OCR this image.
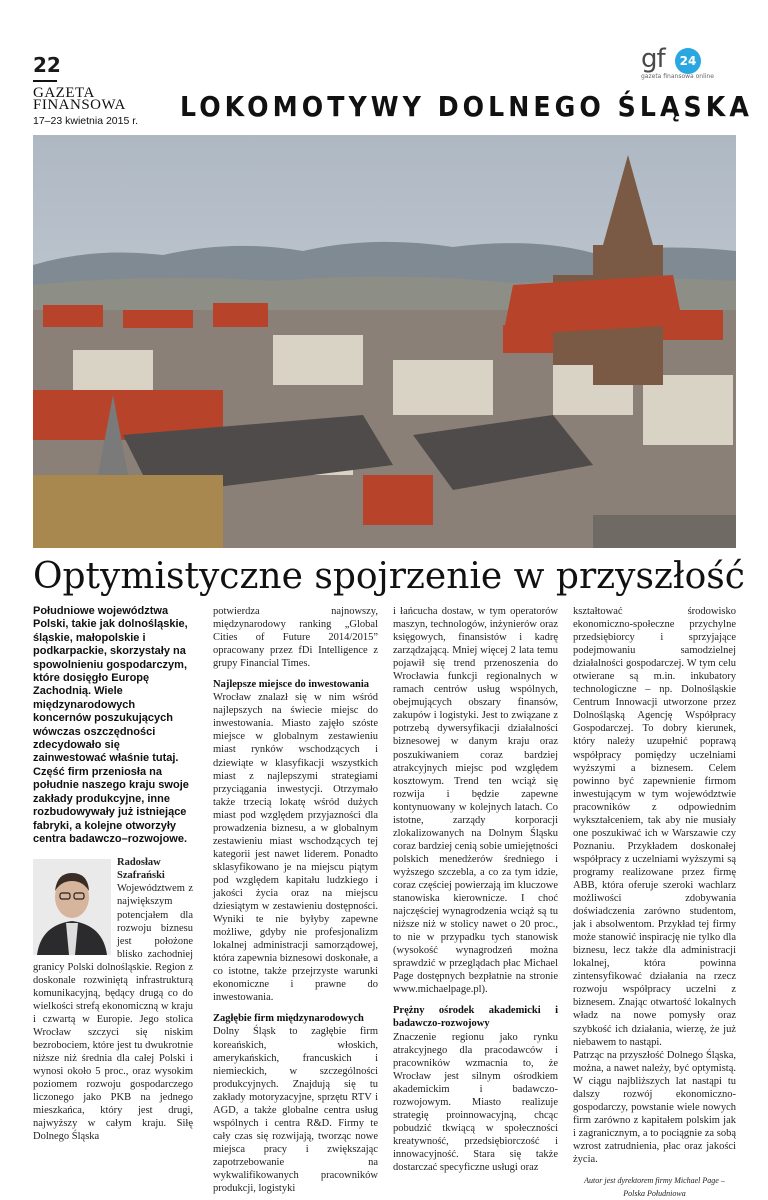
22
GAZETA
FINANSOWA
17–23 kwietnia 2015 r.	LOKOMOTYWY DOLNEGO ŚLĄSKA
gf	24
gazeta finansowa online
Optymistyczne spojrzenie w przyszłość

Południowe województwa Polski, takie jak dolnośląskie, śląskie, małopolskie i podkarpackie, skorzystały na spowolnieniu gospodarczym, które dosięgło Europę Zachodnią. Wiele międzynarodowych koncernów poszukujących wówczas oszczędności zdecydowało się zainwestować właśnie tutaj. Część firm przeniosła na południe naszego kraju swoje zakłady produkcyjne, inne rozbudowywały już istniejące fabryki, a kolejne otworzyły centra badawczo–rozwojowe.

Radosław Szafrański

Województwem z największym potencjałem dla rozwoju biznesu jest położone blisko zachodniej granicy Polski dolnośląskie. Region z doskonale rozwiniętą infrastrukturą komunikacyjną, będący drugą co do wielkości strefą ekonomiczną w kraju i czwartą w Europie. Jego stolica Wrocław szczyci się niskim bezrobociem, które jest tu dwukrotnie niższe niż średnia dla całej Polski i wynosi około 5 proc., oraz wysokim poziomem rozwoju gospodarczego liczonego jako PKB na jednego mieszkańca, który jest drugi, najwyższy w całym kraju. Siłę Dolnego Śląska

potwierdza najnowszy, międzynarodowy ranking „Global Cities of Future 2014/2015” opracowany przez fDi Intelligence z grupy Financial Times.

Najlepsze miejsce do inwestowania

Wrocław znalazł się w nim wśród najlepszych na świecie miejsc do inwestowania. Miasto zajęło szóste miejsce w globalnym zestawieniu miast rynków wschodzących i dziewiąte w klasyfikacji wszystkich miast z najlepszymi strategiami przyciągania inwestycji. Otrzymało także trzecią lokatę wśród dużych miast pod względem przyjazności dla prowadzenia biznesu, a w globalnym zestawieniu miast wschodzących tej kategorii jest nawet liderem. Ponadto sklasyfikowano je na miejscu piątym pod względem kapitału ludzkiego i jakości życia oraz na miejscu dziesiątym w zestawieniu dostępności. Wyniki te nie byłyby zapewne możliwe, gdyby nie profesjonalizm lokalnej administracji samorządowej, która zapewnia biznesowi doskonałe, a co istotne, także przejrzyste warunki ekonomiczne i prawne do inwestowania.

Zagłębie firm międzynarodowych

Dolny Śląsk to zagłębie firm koreańskich, włoskich, amerykańskich, francuskich i niemieckich, w szczególności produkcyjnych. Znajdują się tu zakłady motoryzacyjne, sprzętu RTV i AGD, a także globalne centra usług wspólnych i centra R&D. Firmy te cały czas się rozwijają, tworząc nowe miejsca pracy i zwiększając zapotrzebowanie na wykwalifikowanych pracowników produkcji, logistyki

i łańcucha dostaw, w tym operatorów maszyn, technologów, inżynierów oraz księgowych, finansistów i kadrę zarządzającą. Mniej więcej 2 lata temu pojawił się trend przenoszenia do Wrocławia funkcji regionalnych w ramach centrów usług wspólnych, obejmujących obszary finansów, zakupów i logistyki. Jest to związane z potrzebą dywersyfikacji działalności biznesowej w danym kraju oraz poszukiwaniem coraz bardziej atrakcyjnych miejsc pod względem kosztowym. Trend ten wciąż się rozwija i będzie zapewne kontynuowany w kolejnych latach. Co istotne, zarządy korporacji zlokalizowanych na Dolnym Śląsku coraz bardziej cenią sobie umiejętności polskich menedżerów średniego i wyższego szczebla, a co za tym idzie, coraz częściej powierzają im kluczowe stanowiska kierownicze. I choć najczęściej wynagrodzenia wciąż są tu niższe niż w stolicy nawet o 20 proc., to nie w przypadku tych stanowisk (wysokość wynagrodzeń można sprawdzić w przeglądach płac Michael Page dostępnych bezpłatnie na stronie www.michaelpage.pl).

Prężny ośrodek akademicki i badawczo-rozwojowy

Znaczenie regionu jako rynku atrakcyjnego dla pracodawców i pracowników wzmacnia to, że Wrocław jest silnym ośrodkiem akademickim i badawczo-rozwojowym. Miasto realizuje strategię proinnowacyjną, chcąc pobudzić tkwiącą w społeczności kreatywność, przedsiębiorczość i innowacyjność. Stara się także dostarczać specyficzne usługi oraz

kształtować środowisko ekonomiczno-społeczne przychylne przedsiębiorcy i sprzyjające podejmowaniu samodzielnej działalności gospodarczej. W tym celu otwierane są m.in. inkubatory technologiczne – np. Dolnośląskie Centrum Innowacji utworzone przez Dolnośląską Agencję Współpracy Gospodarczej. To dobry kierunek, który należy uzupełnić poprawą współpracy pomiędzy uczelniami wyższymi a biznesem. Celem powinno być zapewnienie firmom inwestującym w tym województwie pracowników z odpowiednim wykształceniem, tak aby nie musiały one poszukiwać ich w Warszawie czy Poznaniu. Przykładem doskonałej współpracy z uczelniami wyższymi są programy realizowane przez firmę ABB, która oferuje szeroki wachlarz możliwości zdobywania doświadczenia zarówno studentom, jak i absolwentom. Przykład tej firmy może stanowić inspirację nie tylko dla biznesu, lecz także dla administracji lokalnej, która powinna zintensyfikować działania na rzecz rozwoju współpracy uczelni z biznesem. Znając otwartość lokalnych władz na nowe pomysły oraz szybkość ich działania, wierzę, że już niebawem to nastąpi.

Patrząc na przyszłość Dolnego Śląska, można, a nawet należy, być optymistą. W ciągu najbliższych lat nastąpi tu dalszy rozwój ekonomiczno-gospodarczy, powstanie wiele nowych firm zarówno z kapitałem polskim jak i zagranicznym, a to pociągnie za sobą wzrost zatrudnienia, płac oraz jakości życia.

Autor jest dyrektorem firmy Michael Page – Polska Południowa
